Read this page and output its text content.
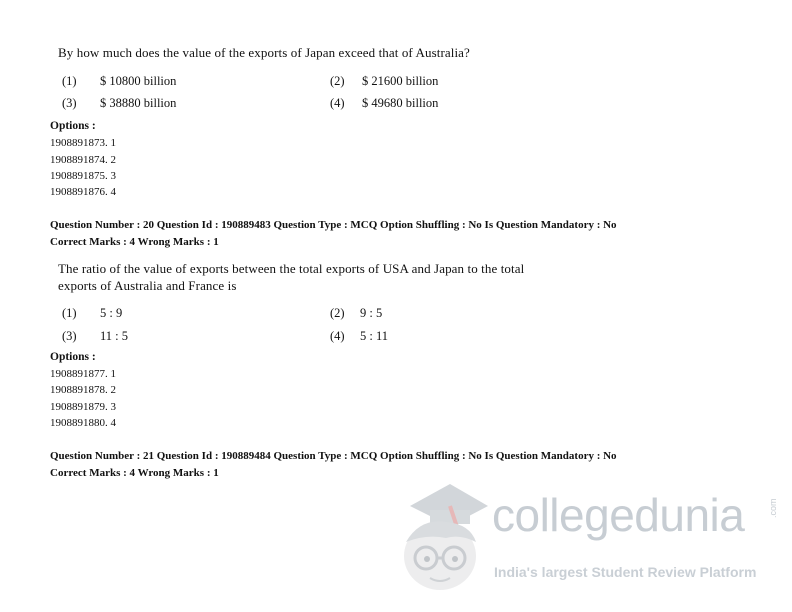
By how much does the value of the exports of Japan exceed that of Australia?
(1) $ 10800 billion	(2) $ 21600 billion
(3) $ 38880 billion	(4) $ 49680 billion
Options :
1908891873. 1
1908891874. 2
1908891875. 3
1908891876. 4
Question Number : 20 Question Id : 190889483 Question Type : MCQ Option Shuffling : No Is Question Mandatory : No
Correct Marks : 4 Wrong Marks : 1
The ratio of the value of exports between the total exports of USA and Japan to the total
exports of Australia and France is
(1) 5 : 9	(2) 9 : 5
(3) 11 : 5	(4) 5 : 11
Options :
1908891877. 1
1908891878. 2
1908891879. 3
1908891880. 4
Question Number : 21 Question Id : 190889484 Question Type : MCQ Option Shuffling : No Is Question Mandatory : No
Correct Marks : 4 Wrong Marks : 1
collegedunia	.com
India's largest Student Review Platform
